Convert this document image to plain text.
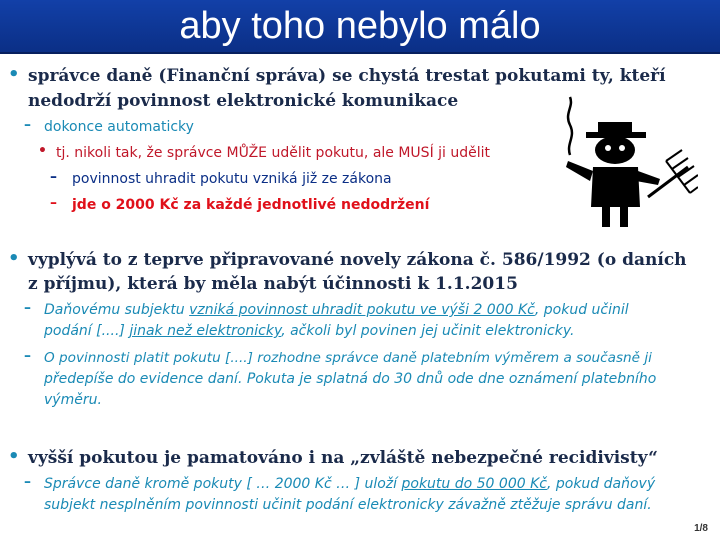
aby toho nebylo málo
• správce daně (Finanční správa) se chystá trestat pokutami ty, kteří
nedodrží povinnost elektronické komunikace
– dokonce automaticky
• tj. nikoli tak, že správce MŮŽE udělit pokutu, ale MUSÍ ji udělit
– povinnost uhradit pokutu vzniká již ze zákona
– jde o 2000 Kč za každé jednotlivé nedodržení
• vyplývá to z teprve připravované novely zákona č. 586/1992 (o daních
z příjmu), která by měla nabýt účinnosti k 1.1.2015
– Daňovému subjektu vzniká povinnost uhradit pokutu ve výši 2 000 Kč, pokud učinil
podání [....] jinak než elektronicky, ačkoli byl povinen jej učinit elektronicky.
– O povinnosti platit pokutu [....] rozhodne správce daně platebním výměrem a současně ji
předepíše do evidence daní. Pokuta je splatná do 30 dnů ode dne oznámení platebního
výměru.
• vyšší pokutou je pamatováno i na „zvláště nebezpečné recidivisty“
– Správce daně kromě pokuty [ … 2000 Kč … ] uloží pokutu do 50 000 Kč, pokud daňový
subjekt nesplněním povinnosti učinit podání elektronicky závažně ztěžuje správu daní.
1/8
